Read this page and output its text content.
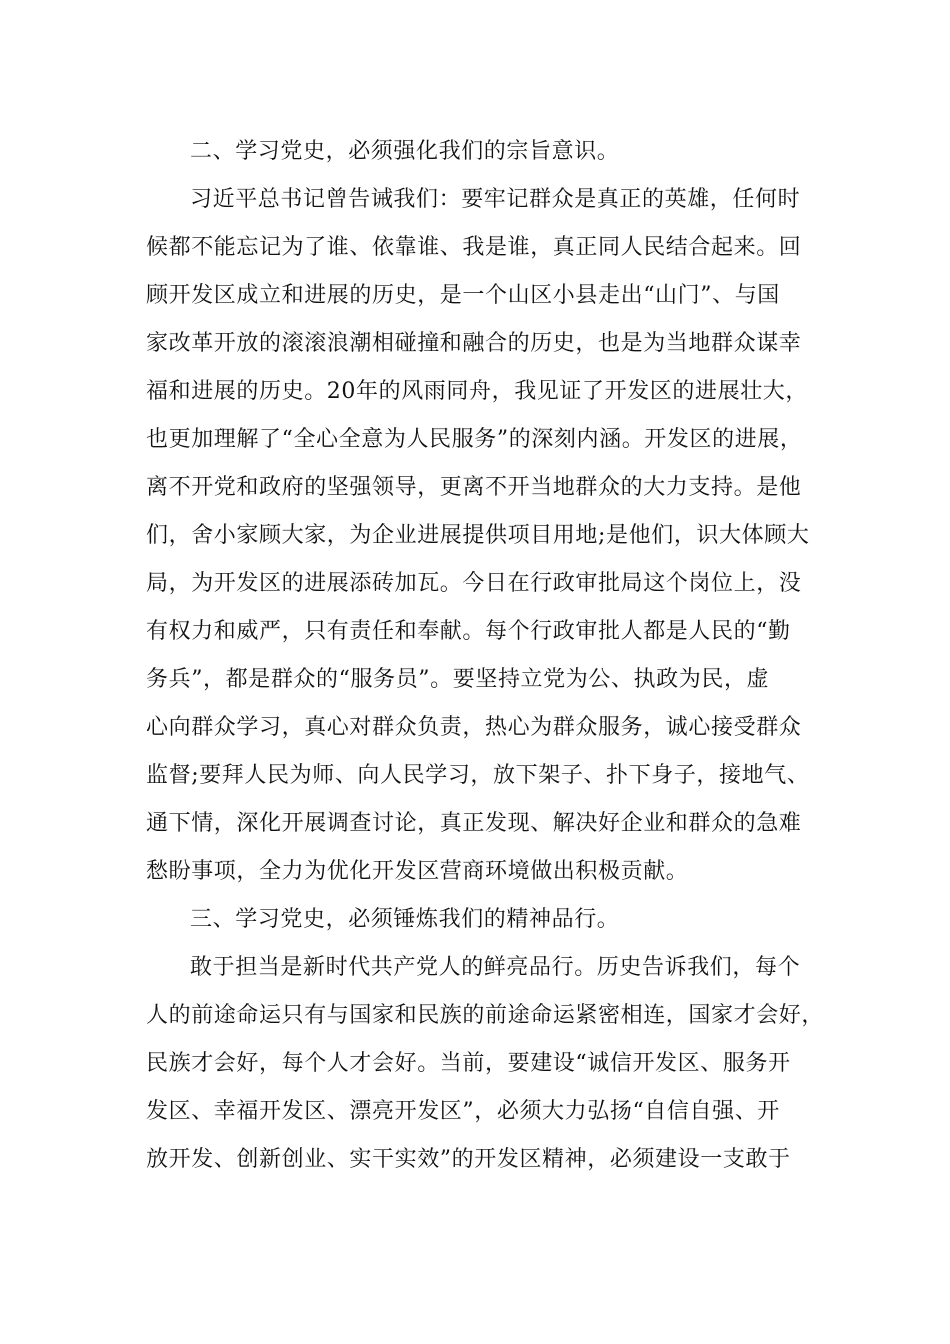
二、学习党史，必须强化我们的宗旨意识。
习近平总书记曾告诫我们：要牢记群众是真正的英雄，任何时
候都不能忘记为了谁、依靠谁、我是谁，真正同人民结合起来。回
顾开发区成立和进展的历史，是一个山区小县走出“山门”、与国
家改革开放的滚滚浪潮相碰撞和融合的历史，也是为当地群众谋幸
福和进展的历史。20年的风雨同舟，我见证了开发区的进展壮大，
也更加理解了“全心全意为人民服务”的深刻内涵。开发区的进展，
离不开党和政府的坚强领导，更离不开当地群众的大力支持。是他
们，舍小家顾大家，为企业进展提供项目用地;是他们，识大体顾大
局，为开发区的进展添砖加瓦。今日在行政审批局这个岗位上，没
有权力和威严，只有责任和奉献。每个行政审批人都是人民的“勤
务兵”，都是群众的“服务员”。要坚持立党为公、执政为民，虚
心向群众学习，真心对群众负责，热心为群众服务，诚心接受群众
监督;要拜人民为师、向人民学习，放下架子、扑下身子，接地气、
通下情，深化开展调查讨论，真正发现、解决好企业和群众的急难
愁盼事项，全力为优化开发区营商环境做出积极贡献。
三、学习党史，必须锤炼我们的精神品行。
敢于担当是新时代共产党人的鲜亮品行。历史告诉我们，每个
人的前途命运只有与国家和民族的前途命运紧密相连，国家才会好，
民族才会好，每个人才会好。当前，要建设“诚信开发区、服务开
发区、幸福开发区、漂亮开发区”，必须大力弘扬“自信自强、开
放开发、创新创业、实干实效”的开发区精神，必须建设一支敢于
